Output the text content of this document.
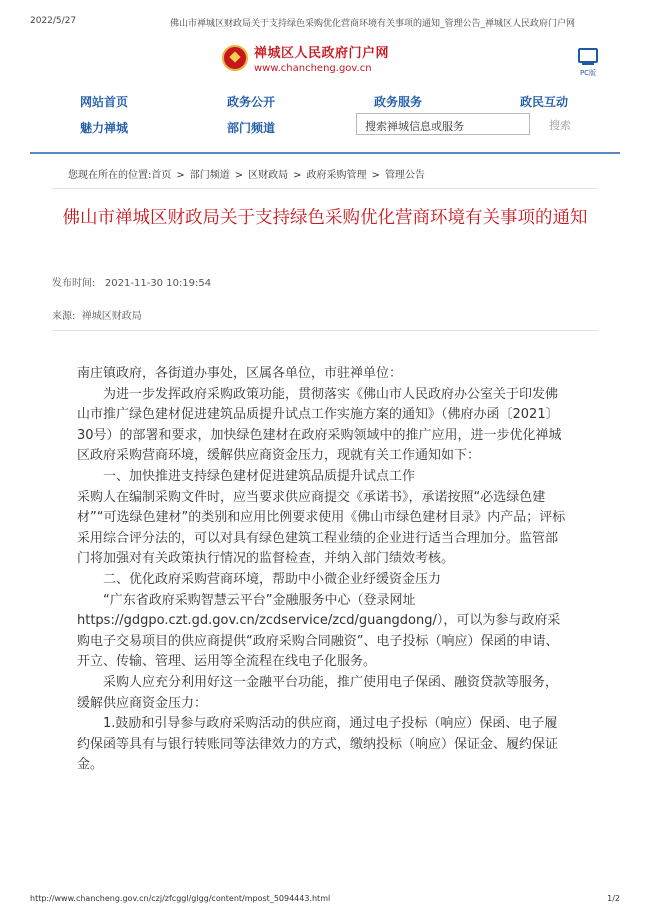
2022/5/27	佛山市禅城区财政局关于支持绿色采购优化营商环境有关事项的通知_管理公告_禅城区人民政府门户网
禅城区人民政府门户网
www.chancheng.gov.cn	PC版
网站首页	政务公开	政务服务	政民互动
魅力禅城	部门频道	搜索禅城信息或服务	搜索
您现在所在的位置:首页 > 部门频道 > 区财政局 > 政府采购管理 > 管理公告
佛山市禅城区财政局关于支持绿色采购优化营商环境有关事项的通知
发布时间: 2021-11-30 10:19:54
来源: 禅城区财政局

南庄镇政府，各街道办事处，区属各单位，市驻禅单位：

为进一步发挥政府采购政策功能，贯彻落实《佛山市人民政府办公室关于印发佛山市推广绿色建材促进建筑品质提升试点工作实施方案的通知》（佛府办函〔2021〕30号）的部署和要求，加快绿色建材在政府采购领域中的推广应用，进一步优化禅城区政府采购营商环境，缓解供应商资金压力，现就有关工作通知如下：

一、加快推进支持绿色建材促进建筑品质提升试点工作

采购人在编制采购文件时，应当要求供应商提交《承诺书》，承诺按照“必选绿色建材”“可选绿色建材”的类别和应用比例要求使用《佛山市绿色建材目录》内产品；评标采用综合评分法的，可以对具有绿色建筑工程业绩的企业进行适当合理加分。监管部门将加强对有关政策执行情况的监督检查，并纳入部门绩效考核。

二、优化政府采购营商环境，帮助中小微企业纾缓资金压力

“广东省政府采购智慧云平台”金融服务中心（登录网址https://gdgpo.czt.gd.gov.cn/zcdservice/zcd/guangdong/），可以为参与政府采购电子交易项目的供应商提供“政府采购合同融资”、电子投标（响应）保函的申请、开立、传输、管理、运用等全流程在线电子化服务。

采购人应充分利用好这一金融平台功能，推广使用电子保函、融资贷款等服务，缓解供应商资金压力：

1.鼓励和引导参与政府采购活动的供应商，通过电子投标（响应）保函、电子履约保函等具有与银行转账同等法律效力的方式，缴纳投标（响应）保证金、履约保证金。

http://www.chancheng.gov.cn/czj/zfcggl/glgg/content/mpost_5094443.html	1/2
